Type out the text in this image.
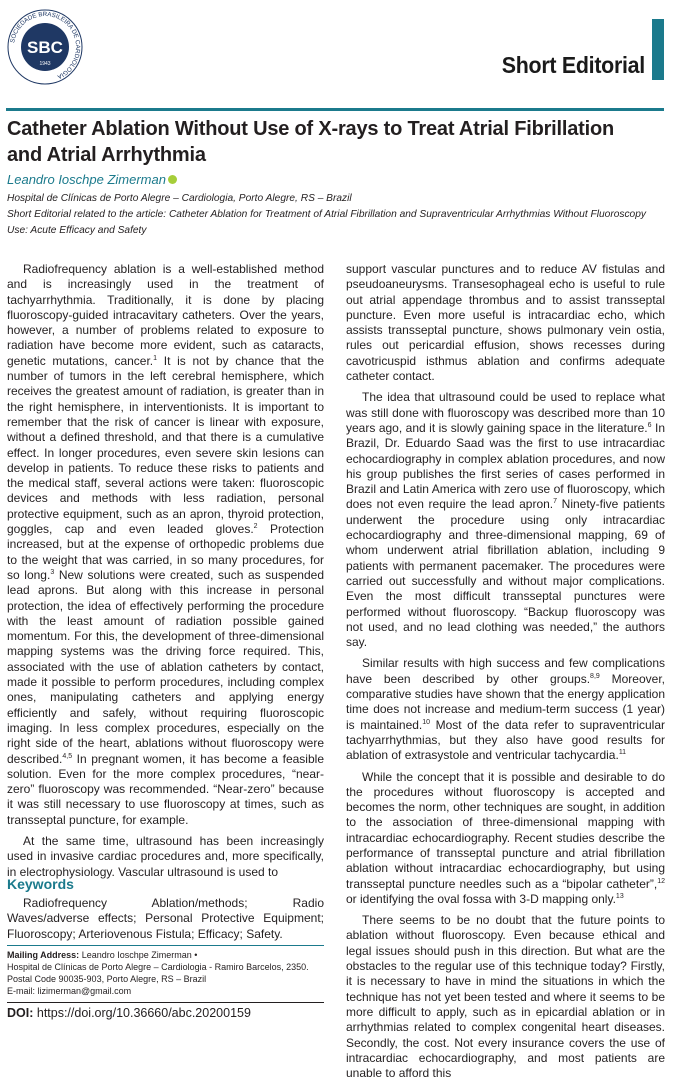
SOCIEDADE BRASILEIRA DE CARDIOLOGIA
SBC
1943	Short Editorial
Catheter Ablation Without Use of X-rays to Treat Atrial Fibrillation and Atrial Arrhythmia
Leandro Ioschpe Zimerman

Hospital de Clínicas de Porto Alegre – Cardiologia, Porto Alegre, RS – Brazil

Short Editorial related to the article: Catheter Ablation for Treatment of Atrial Fibrillation and Supraventricular Arrhythmias Without Fluoroscopy Use: Acute Efficacy and Safety

Radiofrequency ablation is a well-established method and is increasingly used in the treatment of tachyarrhythmia. Traditionally, it is done by placing fluoroscopy-guided intracavitary catheters. Over the years, however, a number of problems related to exposure to radiation have become more evident, such as cataracts, genetic mutations, cancer.$^1$ It is not by chance that the number of tumors in the left cerebral hemisphere, which receives the greatest amount of radiation, is greater than in the right hemisphere, in interventionists. It is important to remember that the risk of cancer is linear with exposure, without a defined threshold, and that there is a cumulative effect. In longer procedures, even severe skin lesions can develop in patients. To reduce these risks to patients and the medical staff, several actions were taken: fluoroscopic devices and methods with less radiation, personal protective equipment, such as an apron, thyroid protection, goggles, cap and even leaded gloves.$^2$ Protection increased, but at the expense of orthopedic problems due to the weight that was carried, in so many procedures, for so long.$^3$ New solutions were created, such as suspended lead aprons. But along with this increase in personal protection, the idea of effectively performing the procedure with the least amount of radiation possible gained momentum. For this, the development of three-dimensional mapping systems was the driving force required. This, associated with the use of ablation catheters by contact, made it possible to perform procedures, including complex ones, manipulating catheters and applying energy efficiently and safely, without requiring fluoroscopic imaging. In less complex procedures, especially on the right side of the heart, ablations without fluoroscopy were described.$^{4,5}$ In pregnant women, it has become a feasible solution. Even for the more complex procedures, “near-zero” fluoroscopy was recommended. “Near-zero” because it was still necessary to use fluoroscopy at times, such as transseptal puncture, for example.

At the same time, ultrasound has been increasingly used in invasive cardiac procedures and, more specifically, in electrophysiology. Vascular ultrasound is used to

Keywords
Radiofrequency Ablation/methods; Radio Waves/adverse effects; Personal Protective Equipment; Fluoroscopy; Arteriovenous Fistula; Efficacy; Safety.
Mailing Address: Leandro Ioschpe Zimerman •
Hospital de Clínicas de Porto Alegre – Cardiologia - Ramiro Barcelos, 2350.
Postal Code 90035-903, Porto Alegre, RS – Brazil
E-mail: lizimerman@gmail.com
DOI: https://doi.org/10.36660/abc.20200159

support vascular punctures and to reduce AV fistulas and pseudoaneurysms. Transesophageal echo is useful to rule out atrial appendage thrombus and to assist transseptal puncture. Even more useful is intracardiac echo, which assists transseptal puncture, shows pulmonary vein ostia, rules out pericardial effusion, shows recesses during cavotricuspid isthmus ablation and confirms adequate catheter contact.

The idea that ultrasound could be used to replace what was still done with fluoroscopy was described more than 10 years ago, and it is slowly gaining space in the literature.$^6$ In Brazil, Dr. Eduardo Saad was the first to use intracardiac echocardiography in complex ablation procedures, and now his group publishes the first series of cases performed in Brazil and Latin America with zero use of fluoroscopy, which does not even require the lead apron.$^7$ Ninety-five patients underwent the procedure using only intracardiac echocardiography and three-dimensional mapping, 69 of whom underwent atrial fibrillation ablation, including 9 patients with permanent pacemaker. The procedures were carried out successfully and without major complications. Even the most difficult transseptal punctures were performed without fluoroscopy. “Backup fluoroscopy was not used, and no lead clothing was needed,” the authors say.

Similar results with high success and few complications have been described by other groups.$^{8,9}$ Moreover, comparative studies have shown that the energy application time does not increase and medium-term success (1 year) is maintained.$^{10}$ Most of the data refer to supraventricular tachyarrhythmias, but they also have good results for ablation of extrasystole and ventricular tachycardia.$^{11}$

While the concept that it is possible and desirable to do the procedures without fluoroscopy is accepted and becomes the norm, other techniques are sought, in addition to the association of three-dimensional mapping with intracardiac echocardiography. Recent studies describe the performance of transseptal puncture and atrial fibrillation ablation without intracardiac echocardiography, but using transseptal puncture needles such as a “bipolar catheter”,$^{12}$ or identifying the oval fossa with 3-D mapping only.$^{13}$

There seems to be no doubt that the future points to ablation without fluoroscopy. Even because ethical and legal issues should push in this direction. But what are the obstacles to the regular use of this technique today? Firstly, it is necessary to have in mind the situations in which the technique has not yet been tested and where it seems to be more difficult to apply, such as in epicardial ablation or in arrhythmias related to complex congenital heart diseases. Secondly, the cost. Not every insurance covers the use of intracardiac echocardiography, and most patients are unable to afford this
